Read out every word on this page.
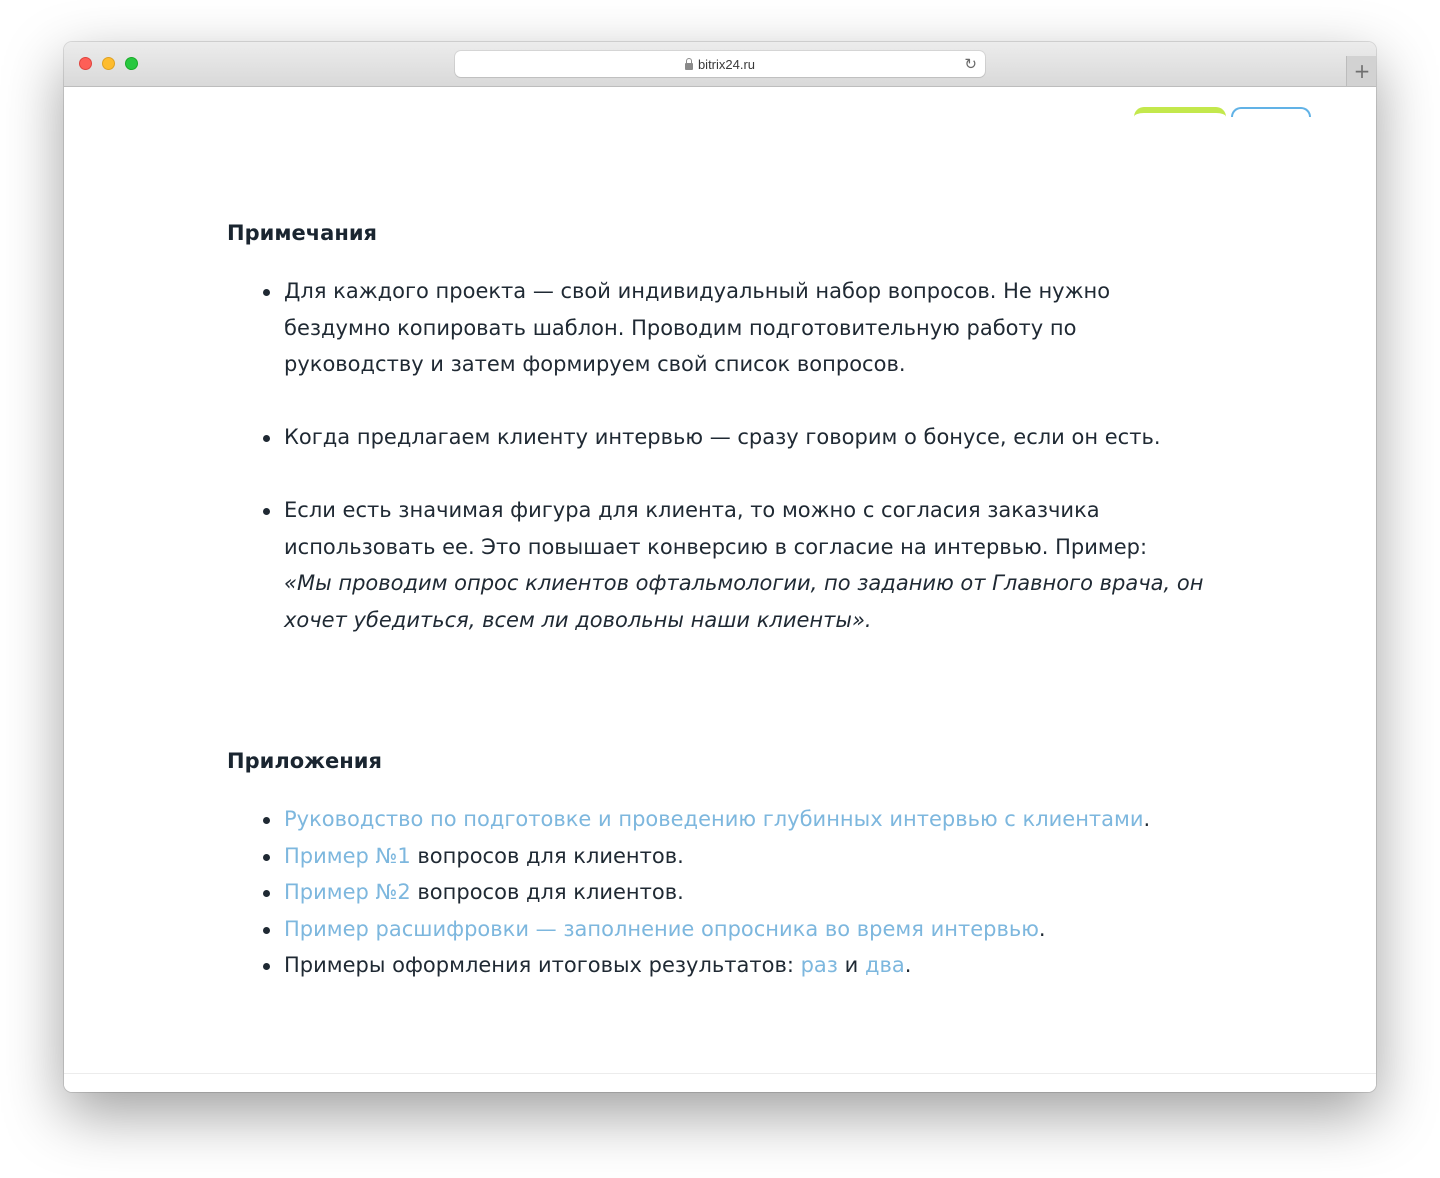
bitrix24.ru	↻	+
Примечания
Для каждого проекта — свой индивидуальный набор вопросов. Не нужно
бездумно копировать шаблон. Проводим подготовительную работу по
руководству и затем формируем свой список вопросов.
Когда предлагаем клиенту интервью — сразу говорим о бонусе, если он есть.
Если есть значимая фигура для клиента, то можно с согласия заказчика
использовать ее. Это повышает конверсию в согласие на интервью. Пример:
«Мы проводим опрос клиентов офтальмологии, по заданию от Главного врача, он
хочет убедиться, всем ли довольны наши клиенты».
Приложения
Руководство по подготовке и проведению глубинных интервью с клиентами.
Пример №1 вопросов для клиентов.
Пример №2 вопросов для клиентов.
Пример расшифровки — заполнение опросника во время интервью.
Примеры оформления итоговых результатов: раз и два.
